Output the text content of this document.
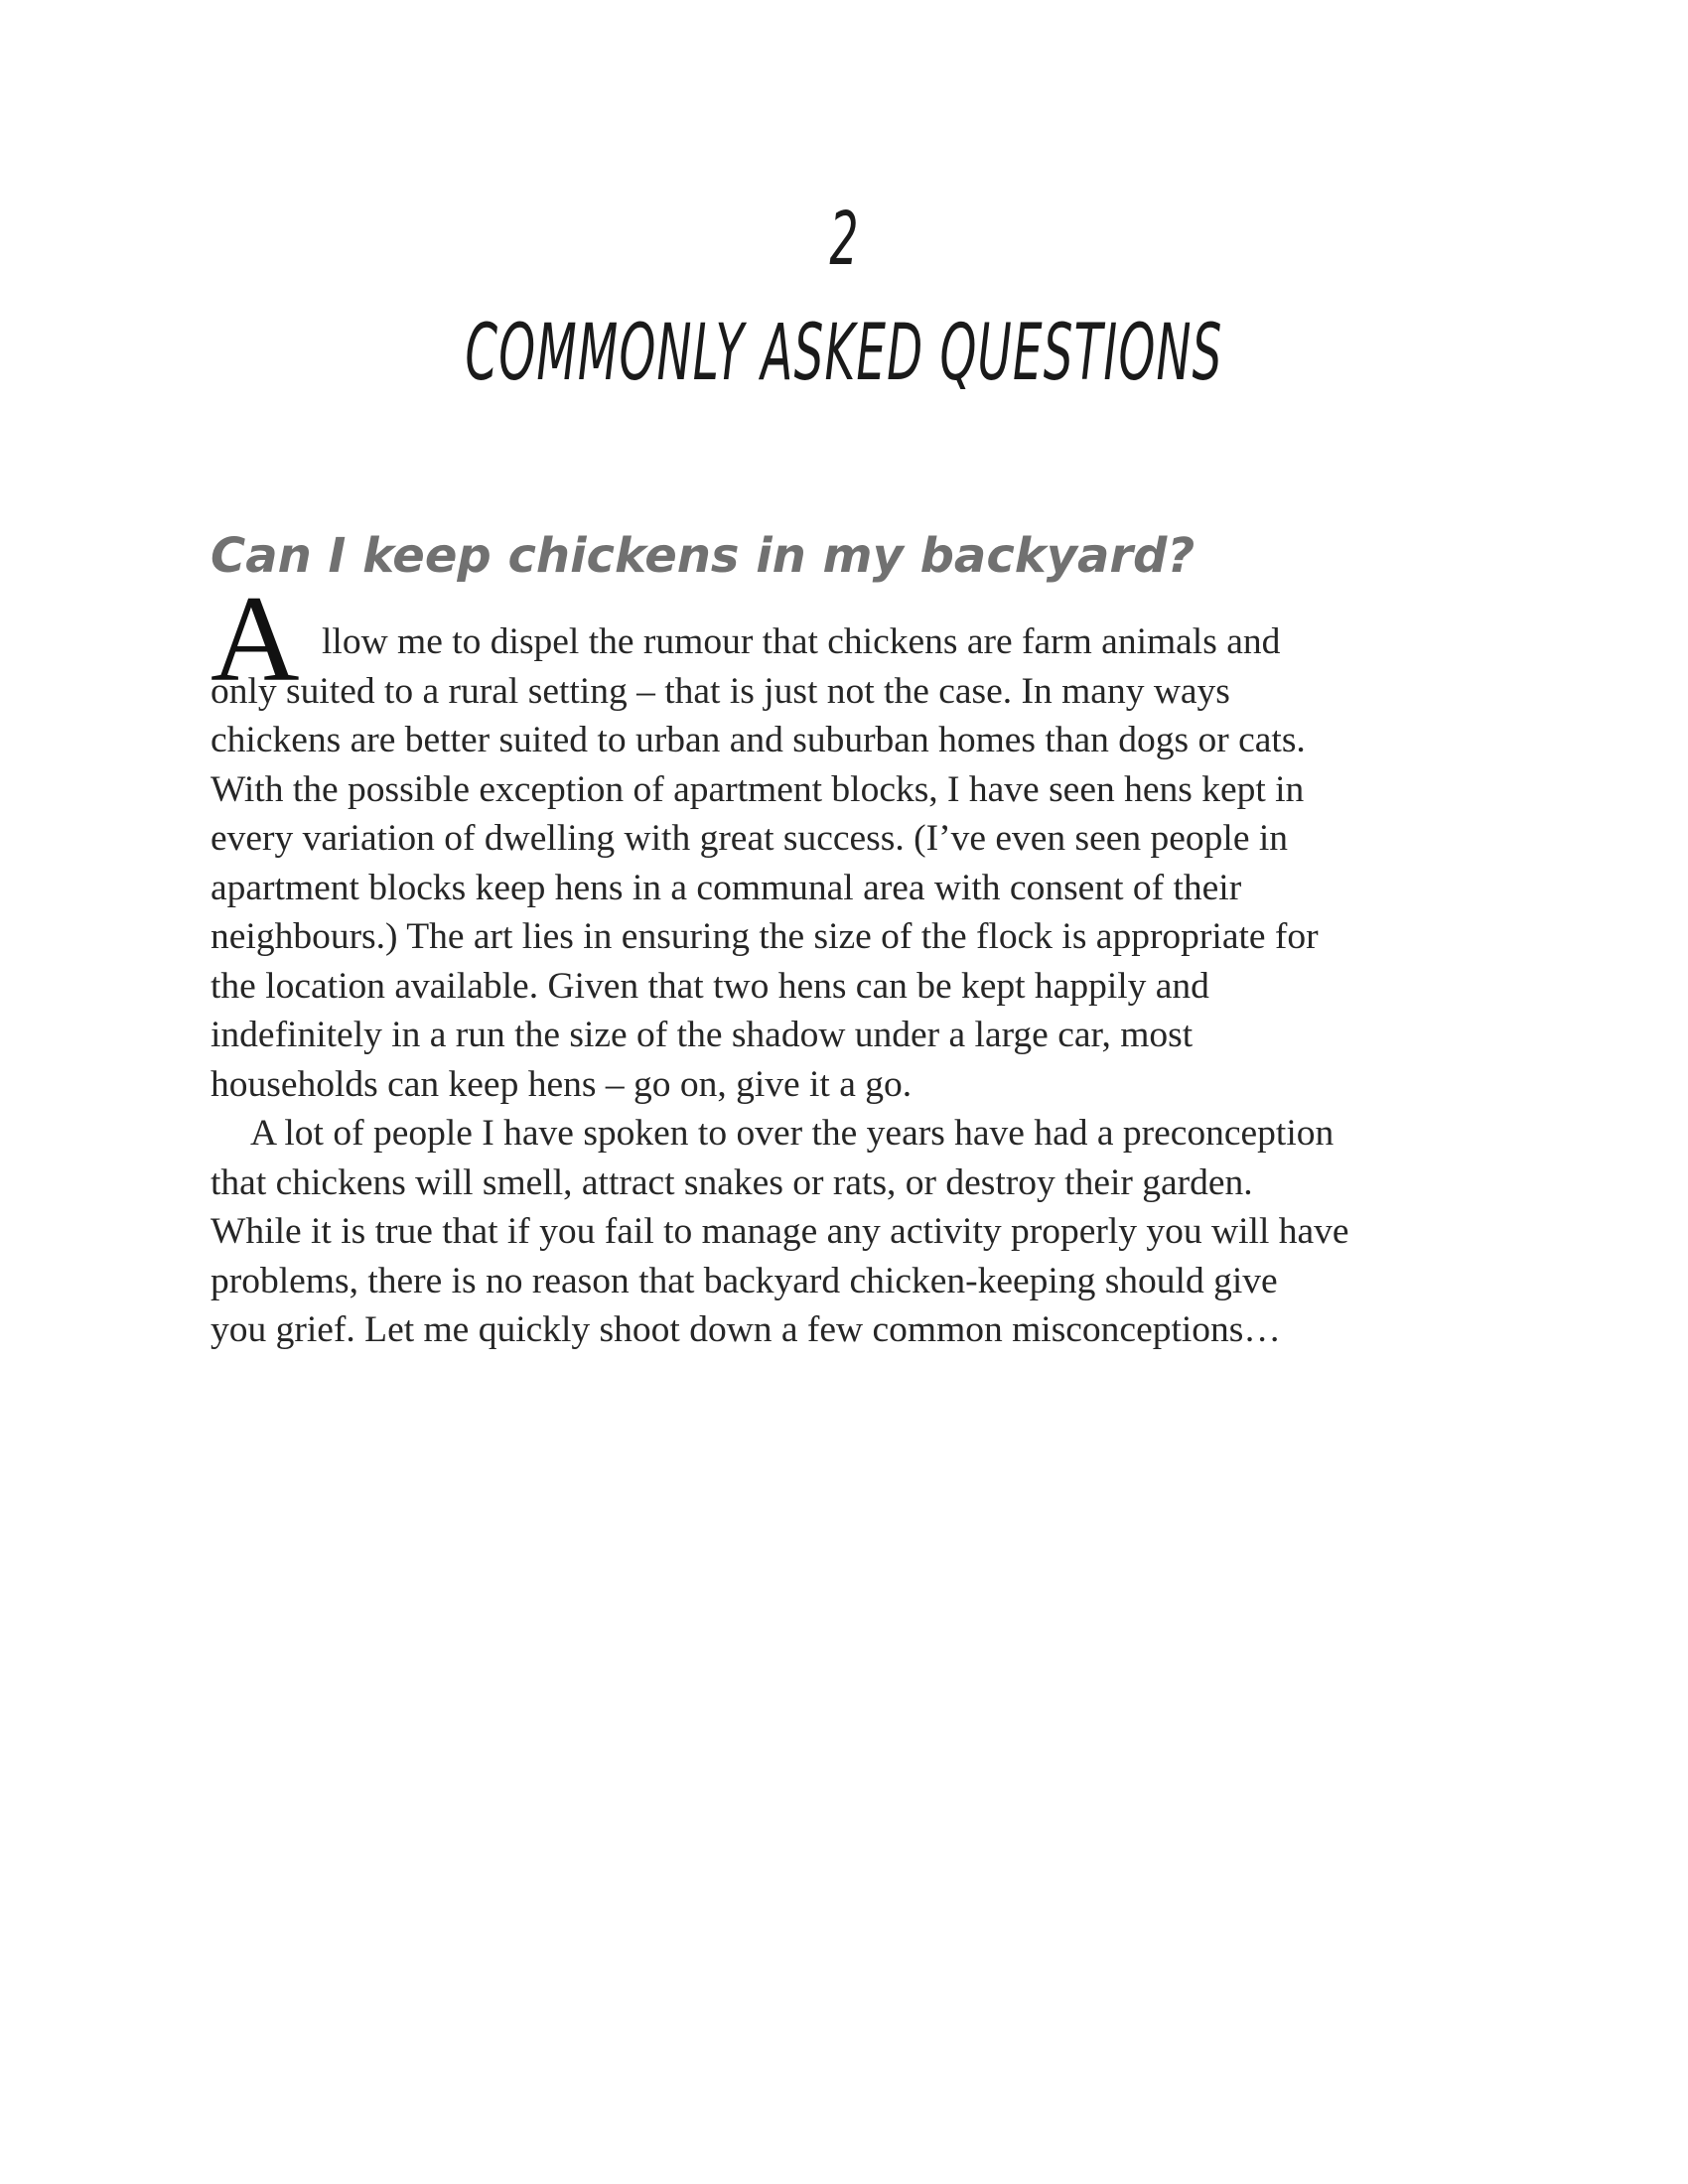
2
COMMONLY ASKED QUESTIONS
Can I keep chickens in my backyard?
A llow me to dispel the rumour that chickens are farm animals and
only suited to a rural setting – that is just not the case. In many ways
chickens are better suited to urban and suburban homes than dogs or cats.
With the possible exception of apartment blocks, I have seen hens kept in
every variation of dwelling with great success. (I’ve even seen people in
apartment blocks keep hens in a communal area with consent of their
neighbours.) The art lies in ensuring the size of the flock is appropriate for
the location available. Given that two hens can be kept happily and
indefinitely in a run the size of the shadow under a large car, most
households can keep hens – go on, give it a go.
A lot of people I have spoken to over the years have had a preconception
that chickens will smell, attract snakes or rats, or destroy their garden.
While it is true that if you fail to manage any activity properly you will have
problems, there is no reason that backyard chicken-keeping should give
you grief. Let me quickly shoot down a few common misconceptions…
